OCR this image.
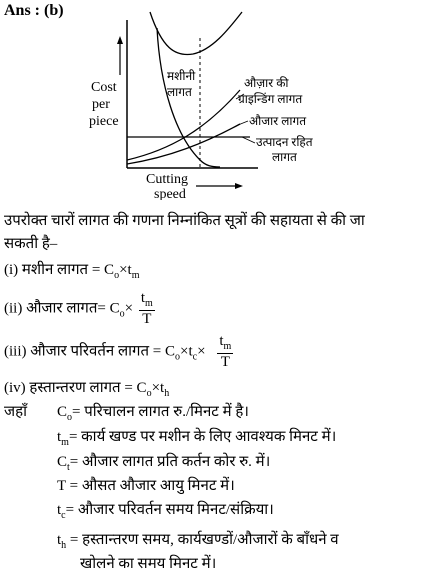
Ans : (b)
Cost
per
piece
Cutting
speed
मशीनी
लागत
औज़ार की
ग्राइन्डिंग लागत
औजार लागत
उत्पादन रहित
लागत
उपरोक्त चारों लागत की गणना निम्नांकित सूत्रों की सहायता से की जा
सकती है–
(i) मशीन लागत = $C_o\times t_m$
(ii) औजार लागत= $C_o\times \frac{t_m}{T}$
(iii) औजार परिवर्तन लागत = $C_o\times t_c\times \frac{t_m}{T}$
(iv) हस्तान्तरण लागत = $C_o\times t_h$
जहाँ $C_o=$ परिचालन लागत रु./मिनट में है।
$t_m=$ कार्य खण्ड पर मशीन के लिए आवश्यक मिनट में।
$C_t=$ औजार लागत प्रति कर्तन कोर रु. में।
T = औसत औजार आयु मिनट में।
$t_c=$ औजार परिवर्तन समय मिनट/संक्रिया।
$t_h$ = हस्तान्तरण समय, कार्यखण्डों/औजारों के बाँधने व
खोलने का समय मिनट में।
